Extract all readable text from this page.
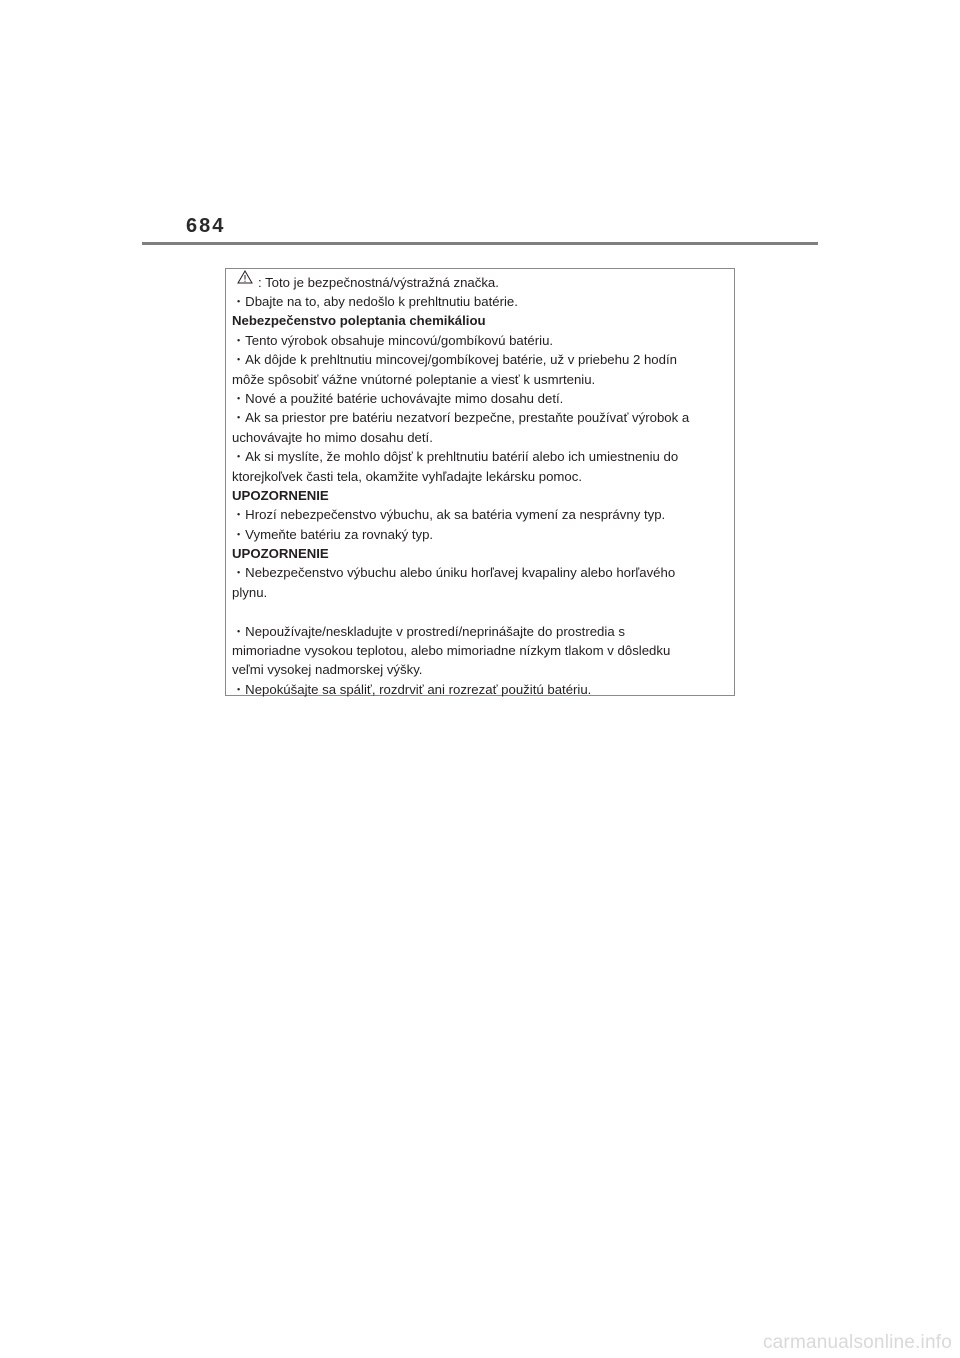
684
: Toto je bezpečnostná/výstražná značka.
・Dbajte na to, aby nedošlo k prehltnutiu batérie.
Nebezpečenstvo poleptania chemikáliou
・Tento výrobok obsahuje mincovú/gombíkovú batériu.
・Ak dôjde k prehltnutiu mincovej/gombíkovej batérie, už v priebehu 2 hodín
môže spôsobiť vážne vnútorné poleptanie a viesť k usmrteniu.
・Nové a použité batérie uchovávajte mimo dosahu detí.
・Ak sa priestor pre batériu nezatvorí bezpečne, prestaňte používať výrobok a
uchovávajte ho mimo dosahu detí.
・Ak si myslíte, že mohlo dôjsť k prehltnutiu batérií alebo ich umiestneniu do
ktorejkoľvek časti tela, okamžite vyhľadajte lekársku pomoc.
UPOZORNENIE
・Hrozí nebezpečenstvo výbuchu, ak sa batéria vymení za nesprávny typ.
・Vymeňte batériu za rovnaký typ.
UPOZORNENIE
・Nebezpečenstvo výbuchu alebo úniku horľavej kvapaliny alebo horľavého
plynu.
・Nepoužívajte/neskladujte v prostredí/neprinášajte do prostredia s
mimoriadne vysokou teplotou, alebo mimoriadne nízkym tlakom v dôsledku
veľmi vysokej nadmorskej výšky.
・Nepokúšajte sa spáliť, rozdrviť ani rozrezať použitú batériu.
carmanualsonline.info
